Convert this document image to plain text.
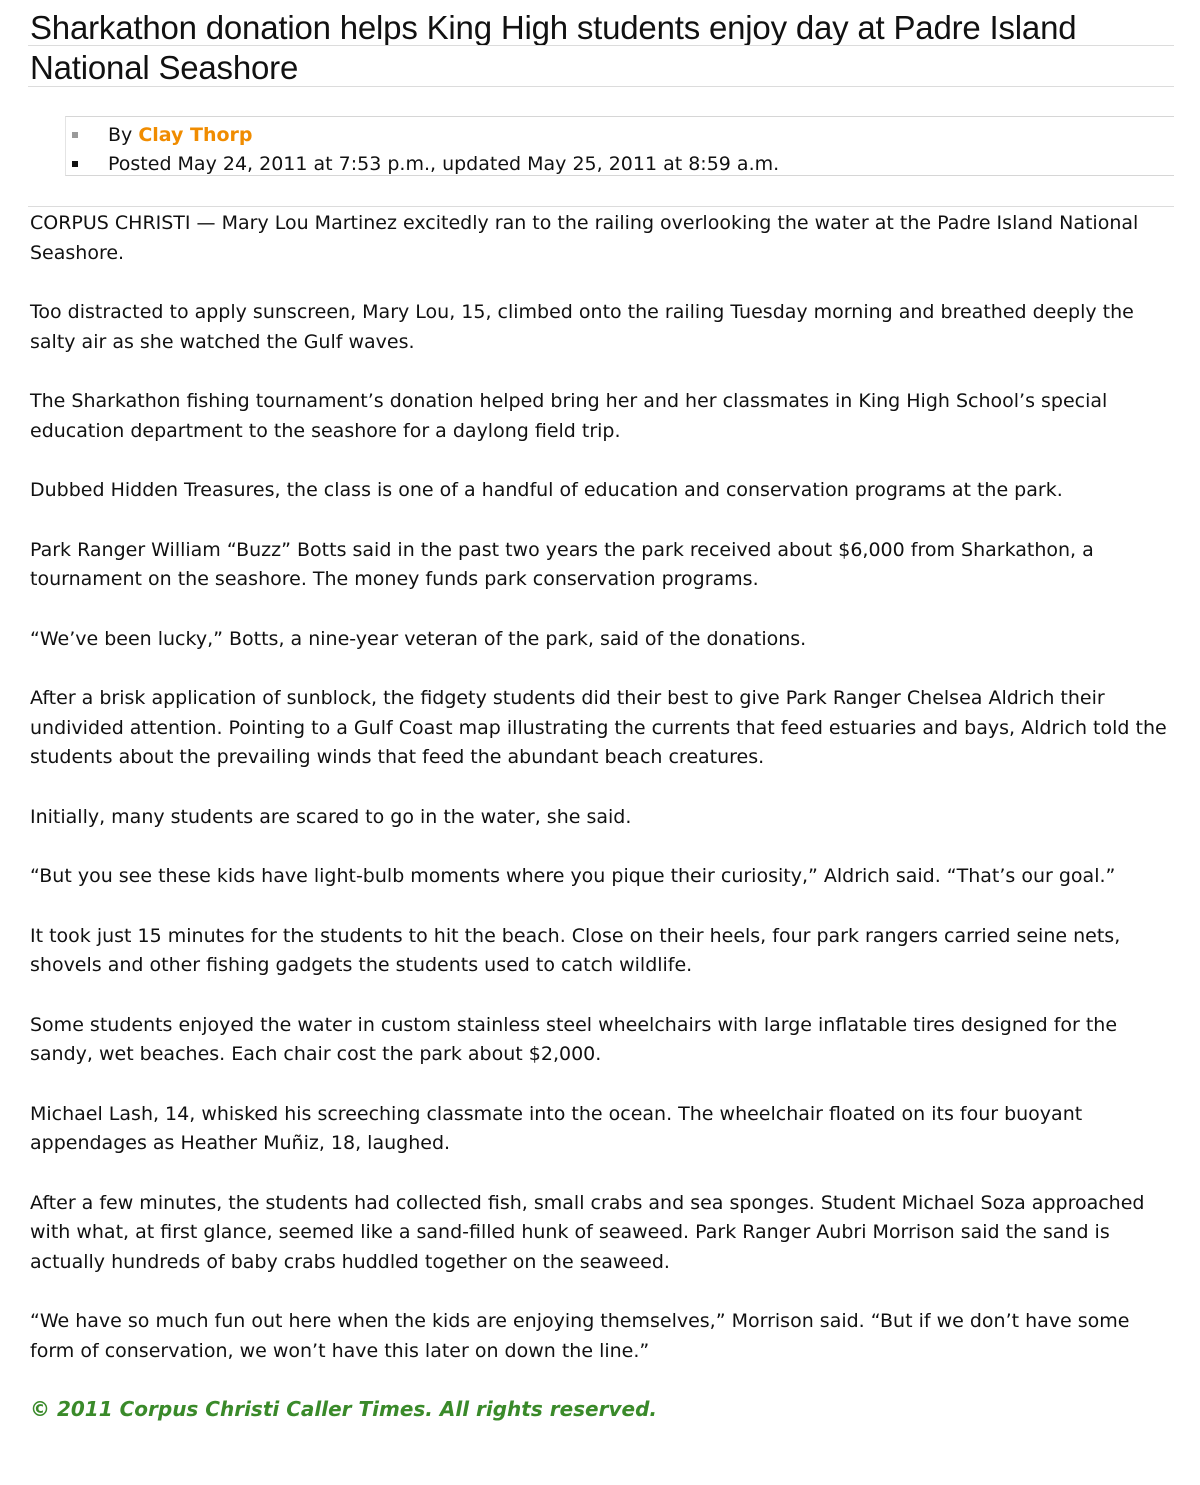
Sharkathon donation helps King High students enjoy day at Padre Island National Seashore
By Clay Thorp
Posted May 24, 2011 at 7:53 p.m., updated May 25, 2011 at 8:59 a.m.

CORPUS CHRISTI — Mary Lou Martinez excitedly ran to the railing overlooking the water at the Padre Island National Seashore.

Too distracted to apply sunscreen, Mary Lou, 15, climbed onto the railing Tuesday morning and breathed deeply the salty air as she watched the Gulf waves.

The Sharkathon fishing tournament’s donation helped bring her and her classmates in King High School’s special education department to the seashore for a daylong field trip.

Dubbed Hidden Treasures, the class is one of a handful of education and conservation programs at the park.

Park Ranger William “Buzz” Botts said in the past two years the park received about $6,000 from Sharkathon, a tournament on the seashore. The money funds park conservation programs.

“We’ve been lucky,” Botts, a nine-year veteran of the park, said of the donations.

After a brisk application of sunblock, the fidgety students did their best to give Park Ranger Chelsea Aldrich their undivided attention. Pointing to a Gulf Coast map illustrating the currents that feed estuaries and bays, Aldrich told the students about the prevailing winds that feed the abundant beach creatures.

Initially, many students are scared to go in the water, she said.

“But you see these kids have light-bulb moments where you pique their curiosity,” Aldrich said. “That’s our goal.”

It took just 15 minutes for the students to hit the beach. Close on their heels, four park rangers carried seine nets, shovels and other fishing gadgets the students used to catch wildlife.

Some students enjoyed the water in custom stainless steel wheelchairs with large inflatable tires designed for the sandy, wet beaches. Each chair cost the park about $2,000.

Michael Lash, 14, whisked his screeching classmate into the ocean. The wheelchair floated on its four buoyant appendages as Heather Muñiz, 18, laughed.

After a few minutes, the students had collected fish, small crabs and sea sponges. Student Michael Soza approached with what, at first glance, seemed like a sand-filled hunk of seaweed. Park Ranger Aubri Morrison said the sand is actually hundreds of baby crabs huddled together on the seaweed.

“We have so much fun out here when the kids are enjoying themselves,” Morrison said. “But if we don’t have some form of conservation, we won’t have this later on down the line.”

© 2011 Corpus Christi Caller Times. All rights reserved.
